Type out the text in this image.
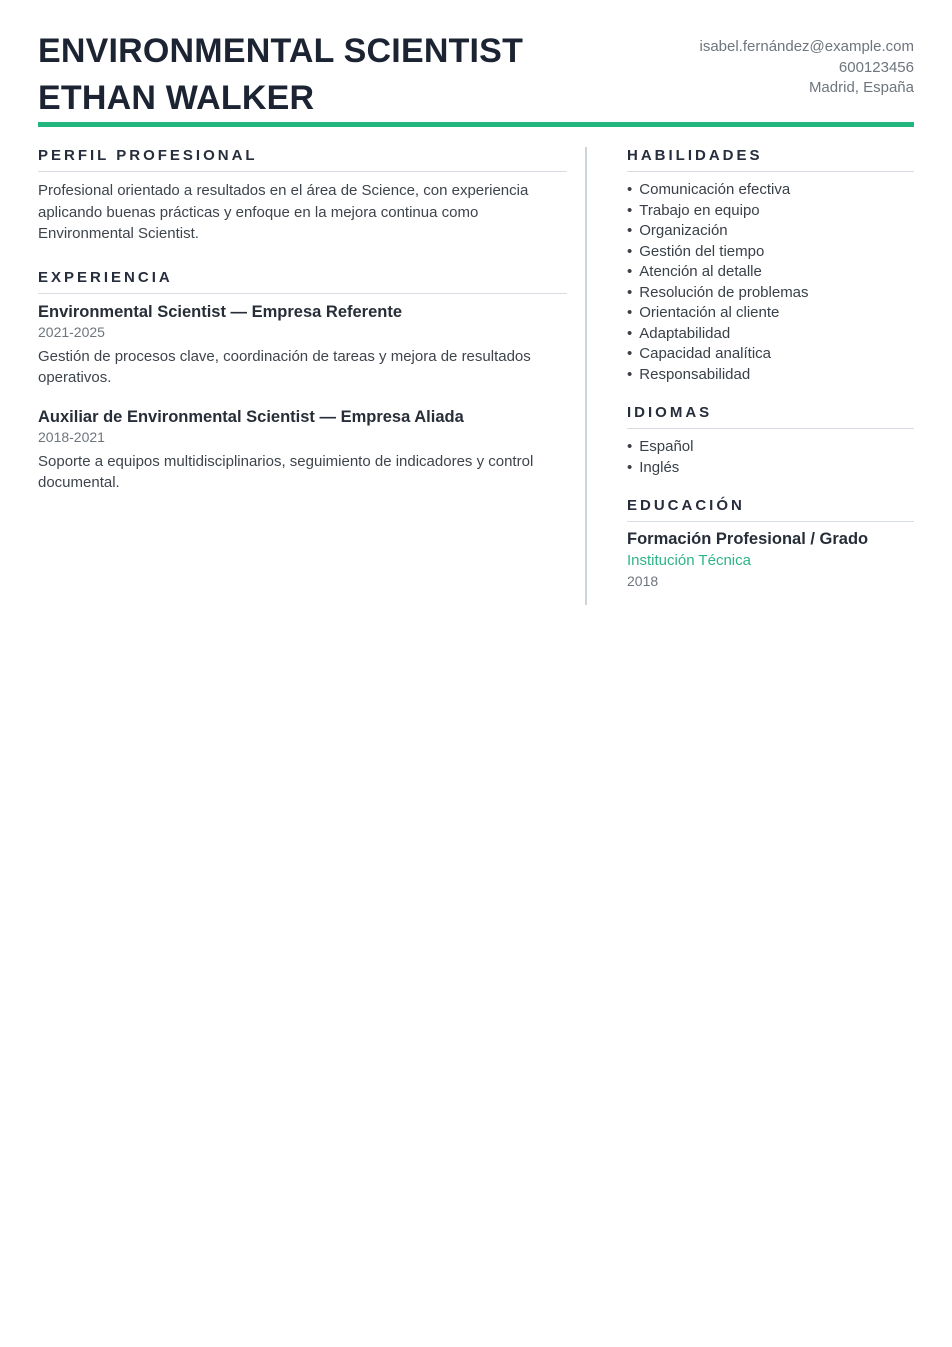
ENVIRONMENTAL SCIENTIST
ETHAN WALKER
isabel.fernández@example.com
600123456
Madrid, España
PERFIL PROFESIONAL

Profesional orientado a resultados en el área de Science, con experiencia aplicando buenas prácticas y enfoque en la mejora continua como Environmental Scientist.

EXPERIENCIA
Environmental Scientist — Empresa Referente
2021-2025

Gestión de procesos clave, coordinación de tareas y mejora de resultados operativos.

Auxiliar de Environmental Scientist — Empresa Aliada
2018-2021

Soporte a equipos multidisciplinarios, seguimiento de indicadores y control documental.

HABILIDADES
• Comunicación efectiva
• Trabajo en equipo
• Organización
• Gestión del tiempo
• Atención al detalle
• Resolución de problemas
• Orientación al cliente
• Adaptabilidad
• Capacidad analítica
• Responsabilidad
IDIOMAS
• Español
• Inglés
EDUCACIÓN
Formación Profesional / Grado
Institución Técnica
2018
